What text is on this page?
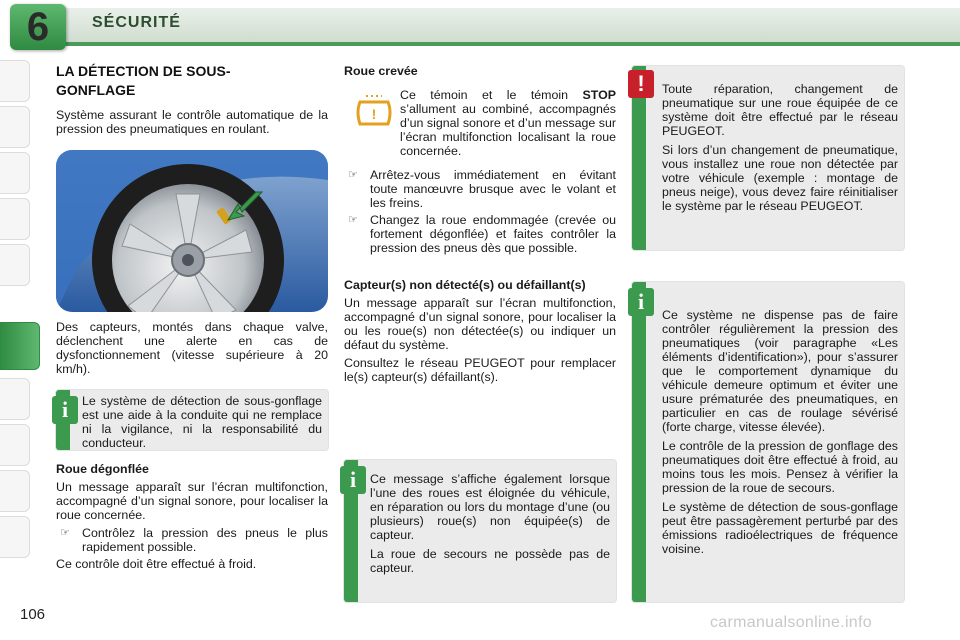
6	SÉCURITÉ
LA DÉTECTION DE SOUS-
GONFLAGE

Système assurant le contrôle automatique de la pression des pneumatiques en roulant.

Des capteurs, montés dans chaque valve, déclenchent une alerte en cas de dysfonctionnement (vitesse supérieure à 20 km/h).

Le système de détection de sous-gonflage est une aide à la conduite qui ne remplace ni la vigilance, ni la responsabilité du conducteur.
i
Roue dégonflée

Un message apparaît sur l’écran multifonction, accompagné d’un signal sonore, pour localiser la roue concernée.

☞ Contrôlez la pression des pneus le plus rapidement possible.

Ce contrôle doit être effectué à froid.

Roue crevée
!

Ce témoin et le témoin STOP s’allument au combiné, accompagnés d’un signal sonore et d’un message sur l’écran multifonction localisant la roue concernée.

☞ Arrêtez-vous immédiatement en évitant toute manœuvre brusque avec le volant et les freins.
☞ Changez la roue endommagée (crevée ou fortement dégonflée) et faites contrôler la pression des pneus dès que possible.
Capteur(s) non détecté(s) ou défaillant(s)

Un message apparaît sur l’écran multifonction, accompagné d’un signal sonore, pour localiser la ou les roue(s) non détectée(s) ou indiquer un défaut du système.

Consultez le réseau PEUGEOT pour remplacer le(s) capteur(s) défaillant(s).

Ce message s’affiche également lorsque l’une des roues est éloignée du véhicule, en réparation ou lors du montage d’une (ou plusieurs) roue(s) non équipée(s) de capteur.

La roue de secours ne possède pas de capteur.

i

Toute réparation, changement de pneumatique sur une roue équipée de ce système doit être effectué par le réseau PEUGEOT.

Si lors d’un changement de pneumatique, vous installez une roue non détectée par votre véhicule (exemple : montage de pneus neige), vous devez faire réinitialiser le système par le réseau PEUGEOT.

!

Ce système ne dispense pas de faire contrôler régulièrement la pression des pneumatiques (voir paragraphe «Les éléments d’identification»), pour s’assurer que le comportement dynamique du véhicule demeure optimum et éviter une usure prématurée des pneumatiques, en particulier en cas de roulage sévérisé (forte charge, vitesse élevée).

Le contrôle de la pression de gonflage des pneumatiques doit être effectué à froid, au moins tous les mois. Pensez à vérifier la pression de la roue de secours.

Le système de détection de sous-gonflage peut être passagèrement perturbé par des émissions radioélectriques de fréquence voisine.

i
106	carmanualsonline.info
